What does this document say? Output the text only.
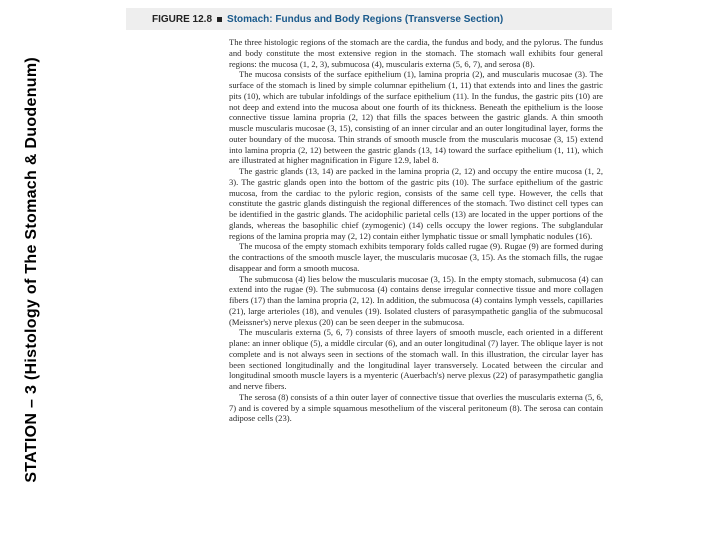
STATION – 3 (Histology of The Stomach & Duodenum)
FIGURE 12.8 Stomach: Fundus and Body Regions (Transverse Section)

The three histologic regions of the stomach are the cardia, the fundus and body, and the pylorus. The fundus and body constitute the most extensive region in the stomach. The stomach wall exhibits four general regions: the mucosa (1, 2, 3), submucosa (4), muscularis externa (5, 6, 7), and serosa (8).

The mucosa consists of the surface epithelium (1), lamina propria (2), and muscularis mucosae (3). The surface of the stomach is lined by simple columnar epithelium (1, 11) that extends into and lines the gastric pits (10), which are tubular infoldings of the surface epithelium (11). In the fundus, the gastric pits (10) are not deep and extend into the mucosa about one fourth of its thickness. Beneath the epithelium is the loose connective tissue lamina propria (2, 12) that fills the spaces between the gastric glands. A thin smooth muscle muscularis mucosae (3, 15), consisting of an inner circular and an outer longitudinal layer, forms the outer boundary of the mucosa. Thin strands of smooth muscle from the muscularis mucosae (3, 15) extend into lamina propria (2, 12) between the gastric glands (13, 14) toward the surface epithelium (1, 11), which are illustrated at higher magnification in Figure 12.9, label 8.

The gastric glands (13, 14) are packed in the lamina propria (2, 12) and occupy the entire mucosa (1, 2, 3). The gastric glands open into the bottom of the gastric pits (10). The surface epithelium of the gastric mucosa, from the cardiac to the pyloric region, consists of the same cell type. However, the cells that constitute the gastric glands distinguish the regional differences of the stomach. Two distinct cell types can be identified in the gastric glands. The acidophilic parietal cells (13) are located in the upper portions of the glands, whereas the basophilic chief (zymogenic) (14) cells occupy the lower regions. The subglandular regions of the lamina propria may (2, 12) contain either lymphatic tissue or small lymphatic nodules (16).

The mucosa of the empty stomach exhibits temporary folds called rugae (9). Rugae (9) are formed during the contractions of the smooth muscle layer, the muscularis mucosae (3, 15). As the stomach fills, the rugae disappear and form a smooth mucosa.

The submucosa (4) lies below the muscularis mucosae (3, 15). In the empty stomach, submucosa (4) can extend into the rugae (9). The submucosa (4) contains dense irregular connective tissue and more collagen fibers (17) than the lamina propria (2, 12). In addition, the submucosa (4) contains lymph vessels, capillaries (21), large arterioles (18), and venules (19). Isolated clusters of parasympathetic ganglia of the submucosal (Meissner's) nerve plexus (20) can be seen deeper in the submucosa.

The muscularis externa (5, 6, 7) consists of three layers of smooth muscle, each oriented in a different plane: an inner oblique (5), a middle circular (6), and an outer longitudinal (7) layer. The oblique layer is not complete and is not always seen in sections of the stomach wall. In this illustration, the circular layer has been sectioned longitudinally and the longitudinal layer transversely. Located between the circular and longitudinal smooth muscle layers is a myenteric (Auerbach's) nerve plexus (22) of parasympathetic ganglia and nerve fibers.

The serosa (8) consists of a thin outer layer of connective tissue that overlies the muscularis externa (5, 6, 7) and is covered by a simple squamous mesothelium of the visceral peritoneum (8). The serosa can contain adipose cells (23).
